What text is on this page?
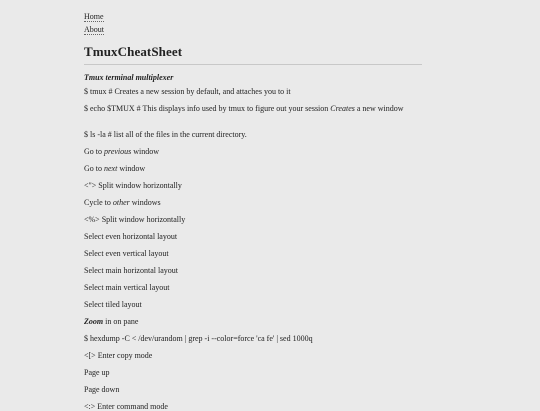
Home
About
TmuxCheatSheet

Tmux terminal multiplexer

$ tmux # Creates a new session by default, and attaches you to it

$ echo $TMUX # This displays info used by tmux to figure out your session Creates a new window

$ ls -la # list all of the files in the current directory.

Go to previous window

Go to next window

<"> Split window horizontally

Cycle to other windows

<%> Split window horizontally

Select even horizontal layout

Select even vertical layout

Select main horizontal layout

Select main vertical layout

Select tiled layout

Zoom in on pane

$ hexdump -C < /dev/urandom | grep -i --color=force 'ca fe' | sed 1000q

<[> Enter copy mode

Page up

Page down

<:> Enter command mode
